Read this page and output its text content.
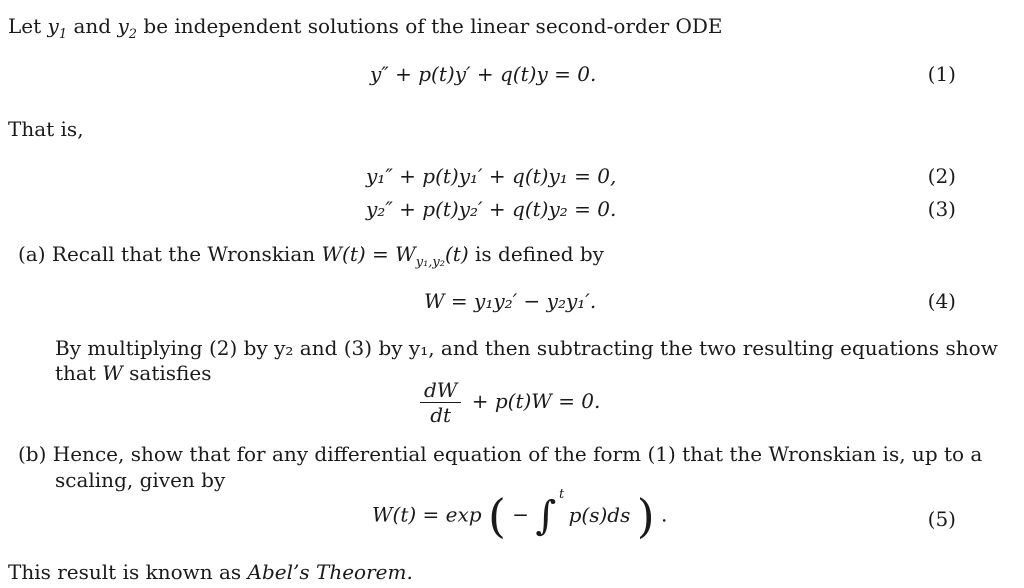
Let $y_1$ and $y_2$ be independent solutions of the linear second-order ODE
y″ + p(t)y′ + q(t)y = 0.	(1)
That is,
y₁″ + p(t)y₁′ + q(t)y₁ = 0,	(2)
y₂″ + p(t)y₂′ + q(t)y₂ = 0.	(3)
(a) Recall that the Wronskian $W(t) = W_{y_1,y_2}(t)$ is defined by
W = y₁y₂′ − y₂y₁′.	(4)
By multiplying (2) by y₂ and (3) by y₁, and then subtracting the two resulting equations show
that W satisfies
$\frac{dW}{dt} + p(t)W = 0$.
(b) Hence, show that for any differential equation of the form (1) that the Wronskian is, up to a
scaling, given by
W(t) = exp ( − ∫ t
p(s)ds ) .	(5)
This result is known as Abel’s Theorem.
